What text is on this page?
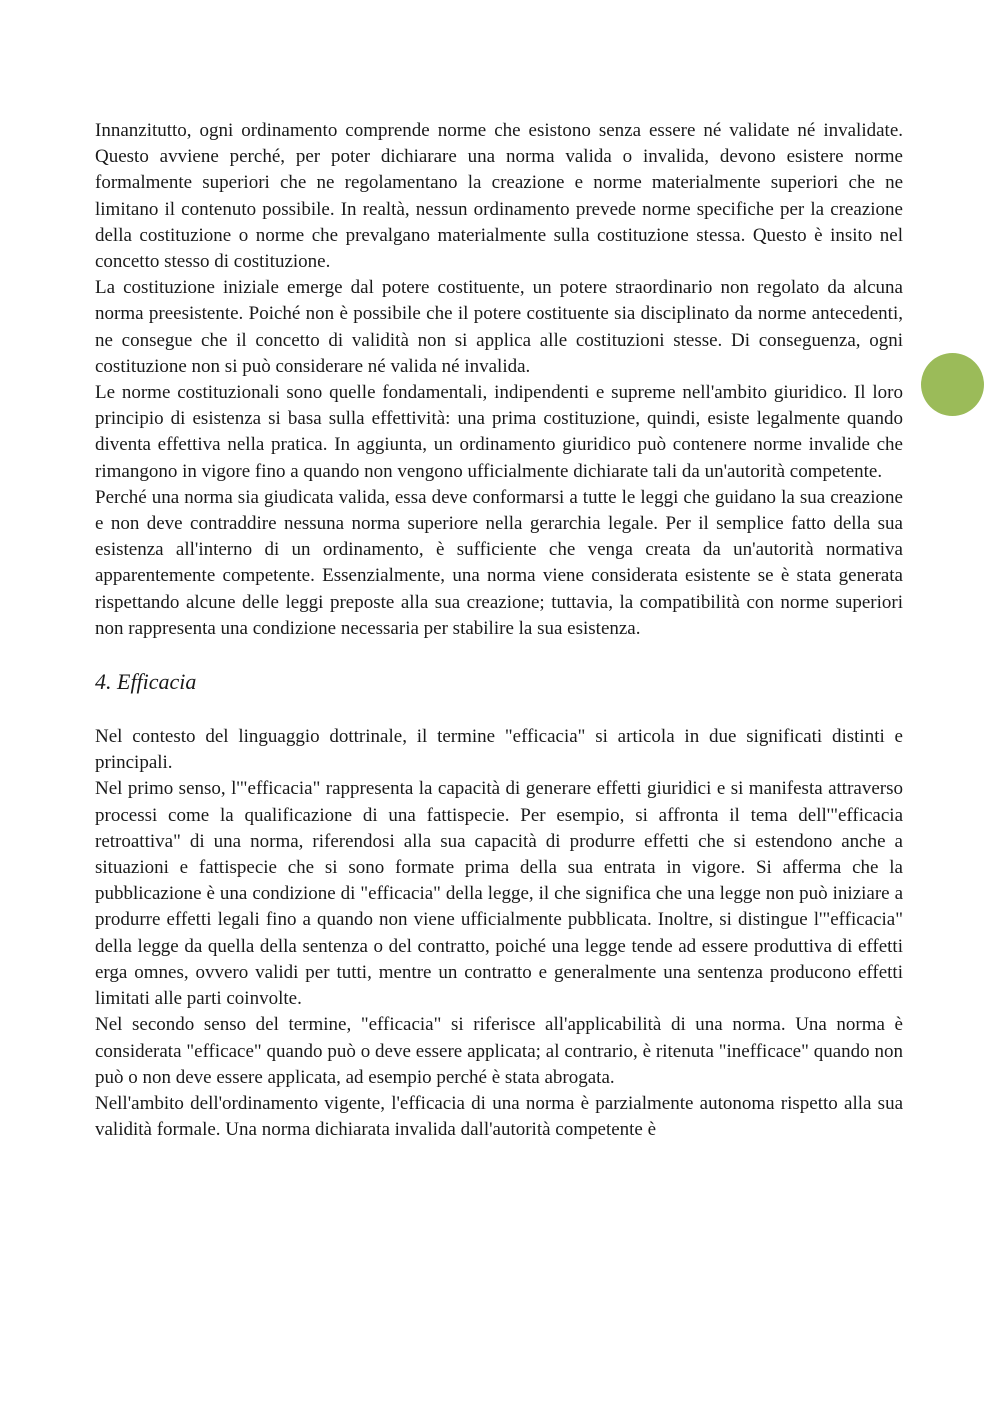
Innanzitutto, ogni ordinamento comprende norme che esistono senza essere né validate né invalidate. Questo avviene perché, per poter dichiarare una norma valida o invalida, devono esistere norme formalmente superiori che ne regolamentano la creazione e norme materialmente superiori che ne limitano il contenuto possibile. In realtà, nessun ordinamento prevede norme specifiche per la creazione della costituzione o norme che prevalgano materialmente sulla costituzione stessa. Questo è insito nel concetto stesso di costituzione.

La costituzione iniziale emerge dal potere costituente, un potere straordinario non regolato da alcuna norma preesistente. Poiché non è possibile che il potere costituente sia disciplinato da norme antecedenti, ne consegue che il concetto di validità non si applica alle costituzioni stesse. Di conseguenza, ogni costituzione non si può considerare né valida né invalida.

Le norme costituzionali sono quelle fondamentali, indipendenti e supreme nell'ambito giuridico. Il loro principio di esistenza si basa sulla effettività: una prima costituzione, quindi, esiste legalmente quando diventa effettiva nella pratica. In aggiunta, un ordinamento giuridico può contenere norme invalide che rimangono in vigore fino a quando non vengono ufficialmente dichiarate tali da un'autorità competente.

Perché una norma sia giudicata valida, essa deve conformarsi a tutte le leggi che guidano la sua creazione e non deve contraddire nessuna norma superiore nella gerarchia legale. Per il semplice fatto della sua esistenza all'interno di un ordinamento, è sufficiente che venga creata da un'autorità normativa apparentemente competente. Essenzialmente, una norma viene considerata esistente se è stata generata rispettando alcune delle leggi preposte alla sua creazione; tuttavia, la compatibilità con norme superiori non rappresenta una condizione necessaria per stabilire la sua esistenza.

4. Efficacia

Nel contesto del linguaggio dottrinale, il termine "efficacia" si articola in due significati distinti e principali.

Nel primo senso, l'"efficacia" rappresenta la capacità di generare effetti giuridici e si manifesta attraverso processi come la qualificazione di una fattispecie. Per esempio, si affronta il tema dell'"efficacia retroattiva" di una norma, riferendosi alla sua capacità di produrre effetti che si estendono anche a situazioni e fattispecie che si sono formate prima della sua entrata in vigore. Si afferma che la pubblicazione è una condizione di "efficacia" della legge, il che significa che una legge non può iniziare a produrre effetti legali fino a quando non viene ufficialmente pubblicata. Inoltre, si distingue l'"efficacia" della legge da quella della sentenza o del contratto, poiché una legge tende ad essere produttiva di effetti erga omnes, ovvero validi per tutti, mentre un contratto e generalmente una sentenza producono effetti limitati alle parti coinvolte.

Nel secondo senso del termine, "efficacia" si riferisce all'applicabilità di una norma. Una norma è considerata "efficace" quando può o deve essere applicata; al contrario, è ritenuta "inefficace" quando non può o non deve essere applicata, ad esempio perché è stata abrogata.

Nell'ambito dell'ordinamento vigente, l'efficacia di una norma è parzialmente autonoma rispetto alla sua validità formale. Una norma dichiarata invalida dall'autorità competente è
